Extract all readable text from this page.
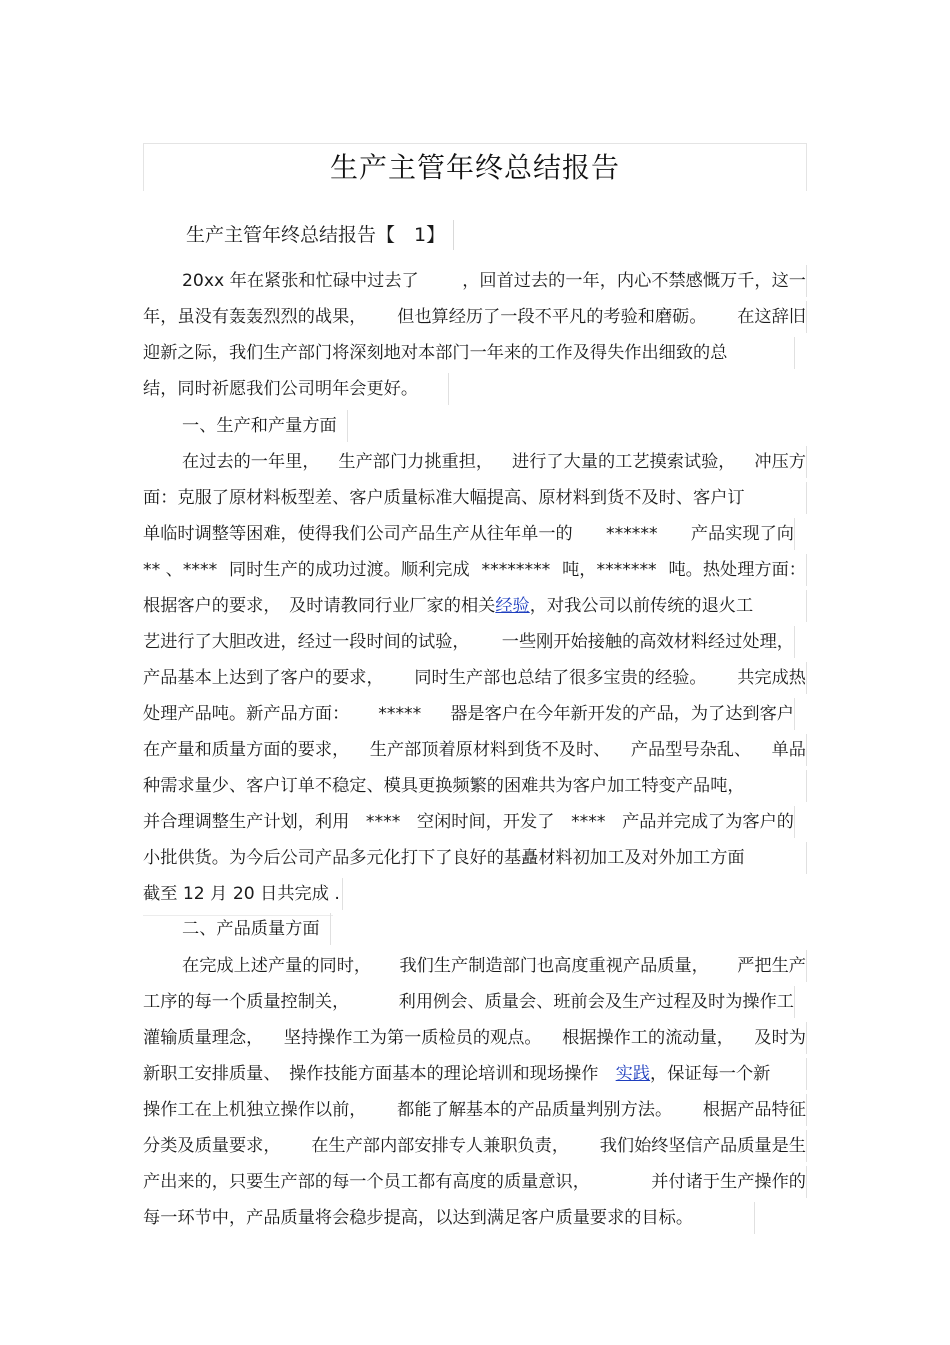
生产主管年终总结报告
生产主管年终总结报告【　1】
20xx 年在紧张和忙碌中过去了	，回首过去的一年，内心不禁感慨万千，这一
年，虽没有轰轰烈烈的战果， 但也算经历了一段不平凡的考验和磨砺。 在这辞旧
迎新之际，我们生产部门将深刻地对本部门一年来的工作及得失作出细致的总
结，同时祈愿我们公司明年会更好。
一、生产和产量方面
在过去的一年里， 生产部门力挑重担， 进行了大量的工艺摸索试验， 冲压方
面：克服了原材料板型差、客户质量标准大幅提高、原材料到货不及时、客户订
单临时调整等困难，使得我们公司产品生产从往年单一的 ****** 产品实现了向
** 、**** 同时生产的成功过渡。顺利完成 ******** 吨，******* 吨。热处理方面：
根据客户的要求，　及时请教同行业厂家的相关经验，对我公司以前传统的退火工
艺进行了大胆改进，经过一段时间的试验， 一些刚开始接触的高效材料经过处理，
产品基本上达到了客户的要求， 同时生产部也总结了很多宝贵的经验。 共完成热
处理产品吨。新产品方面： ***** 器是客户在今年新开发的产品，为了达到客户
在产量和质量方面的要求， 生产部顶着原材料到货不及时、 产品型号杂乱、 单品
种需求量少、客户订单不稳定、模具更换频繁的困难共为客户加工特变产品吨，
并合理调整生产计划，利用 **** 空闲时间，开发了 **** 产品并完成了为客户的
小批供货。为今后公司产品多元化打下了良好的基矗材料初加工及对外加工方面
截至 12 月 20 日共完成 .
二、产品质量方面
在完成上述产量的同时， 我们生产制造部门也高度重视产品质量， 严把生产
工序的每一个质量控制关，	利用例会、质量会、班前会及生产过程及时为操作工
灌输质量理念， 坚持操作工为第一质检员的观点。 根据操作工的流动量， 及时为
新职工安排质量、　操作技能方面基本的理论培训和现场操作　实践，保证每一个新
操作工在上机独立操作以前， 都能了解基本的产品质量判别方法。 根据产品特征
分类及质量要求， 在生产部内部安排专人兼职负责， 我们始终坚信产品质量是生
产出来的，只要生产部的每一个员工都有高度的质量意识，	并付诸于生产操作的
每一环节中，产品质量将会稳步提高，以达到满足客户质量要求的目标。
